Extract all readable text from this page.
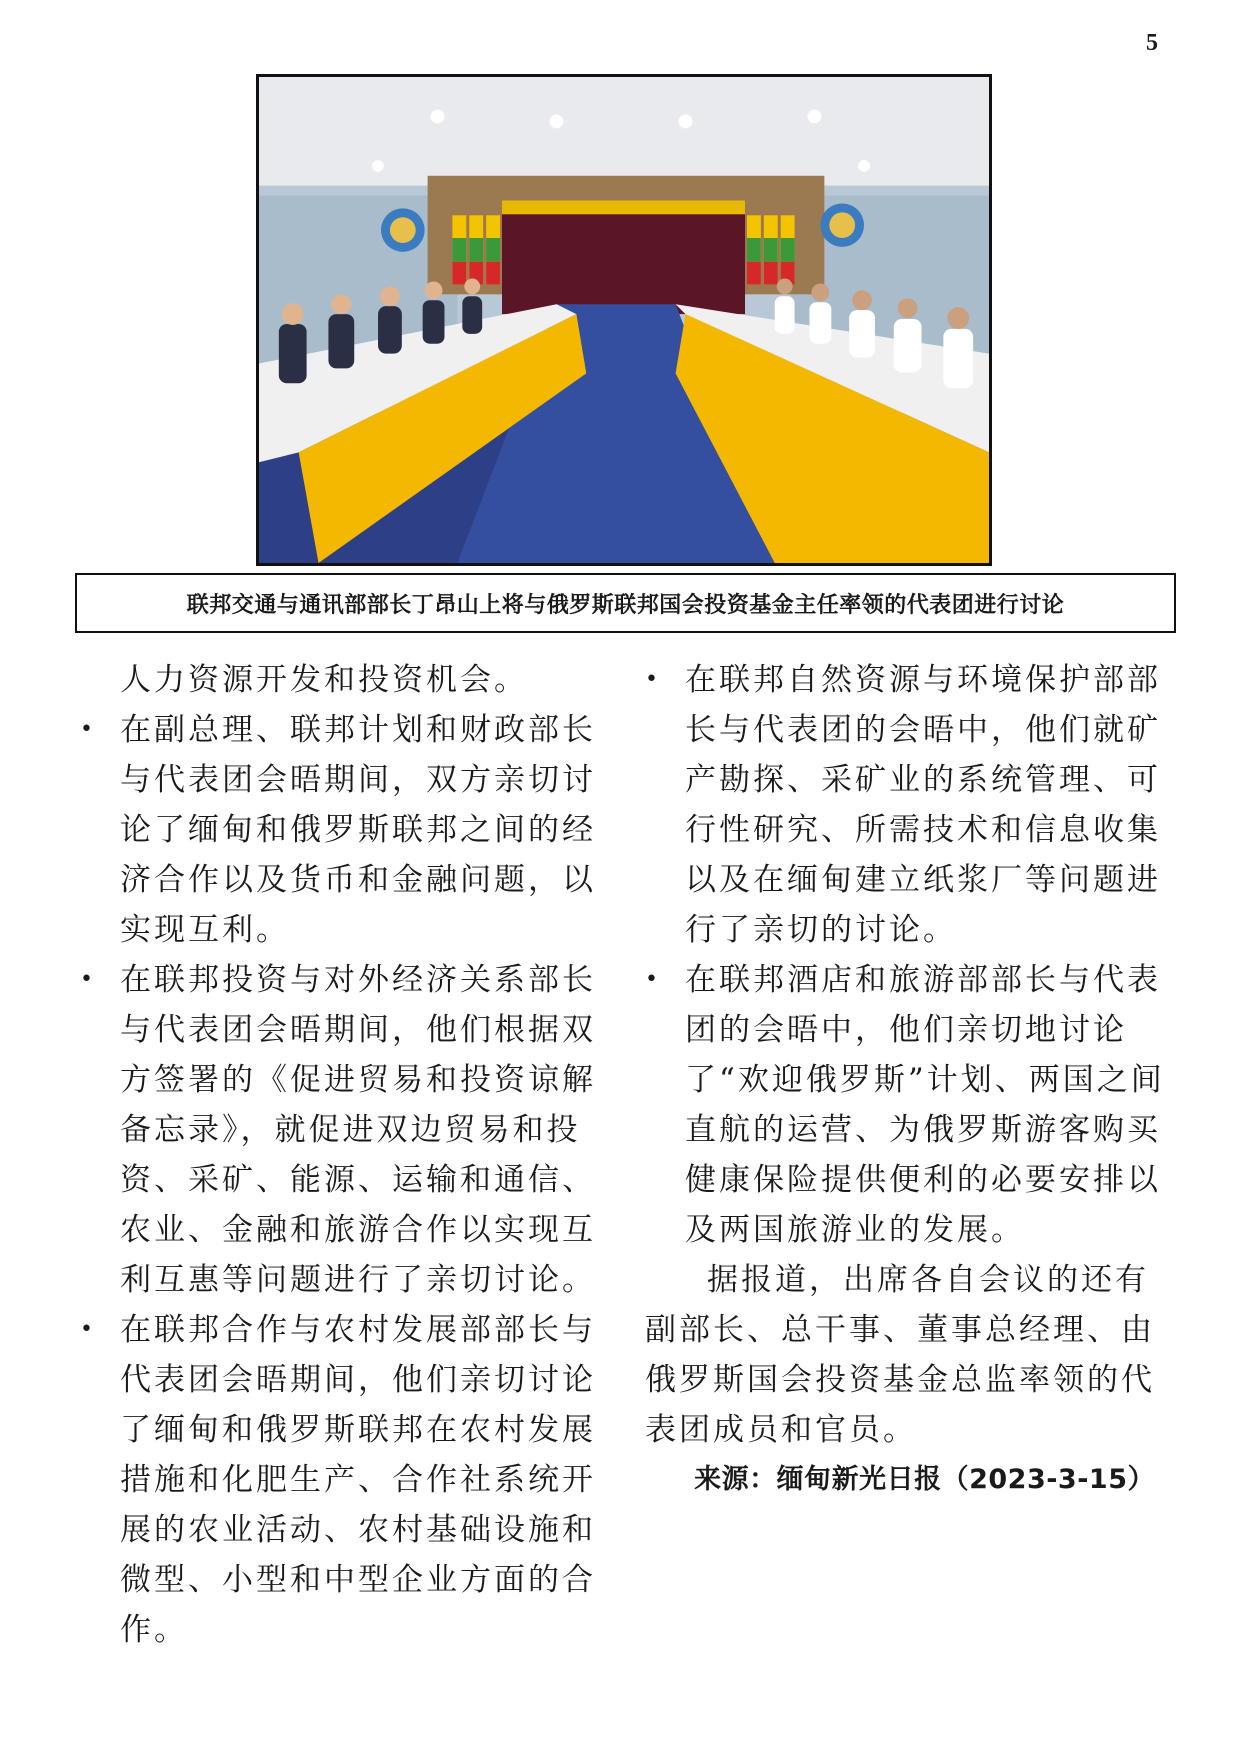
5
联邦交通与通讯部部长丁昂山上将与俄罗斯联邦国会投资基金主任率领的代表团进行讨论

人力资源开发和投资机会。

• 在副总理、联邦计划和财政部长与代表团会晤期间，双方亲切讨论了缅甸和俄罗斯联邦之间的经济合作以及货币和金融问题，以实现互利。

• 在联邦投资与对外经济关系部长与代表团会晤期间，他们根据双方签署的《促进贸易和投资谅解备忘录》，就促进双边贸易和投资、采矿、能源、运输和通信、农业、金融和旅游合作以实现互利互惠等问题进行了亲切讨论。

• 在联邦合作与农村发展部部长与代表团会晤期间，他们亲切讨论了缅甸和俄罗斯联邦在农村发展措施和化肥生产、合作社系统开展的农业活动、农村基础设施和微型、小型和中型企业方面的合作。

• 在联邦自然资源与环境保护部部长与代表团的会晤中，他们就矿产勘探、采矿业的系统管理、可行性研究、所需技术和信息收集以及在缅甸建立纸浆厂等问题进行了亲切的讨论。

• 在联邦酒店和旅游部部长与代表团的会晤中，他们亲切地讨论了“欢迎俄罗斯”计划、两国之间直航的运营、为俄罗斯游客购买健康保险提供便利的必要安排以及两国旅游业的发展。

据报道，出席各自会议的还有副部长、总干事、董事总经理、由俄罗斯国会投资基金总监率领的代表团成员和官员。

来源：缅甸新光日报（2023-3-15）
